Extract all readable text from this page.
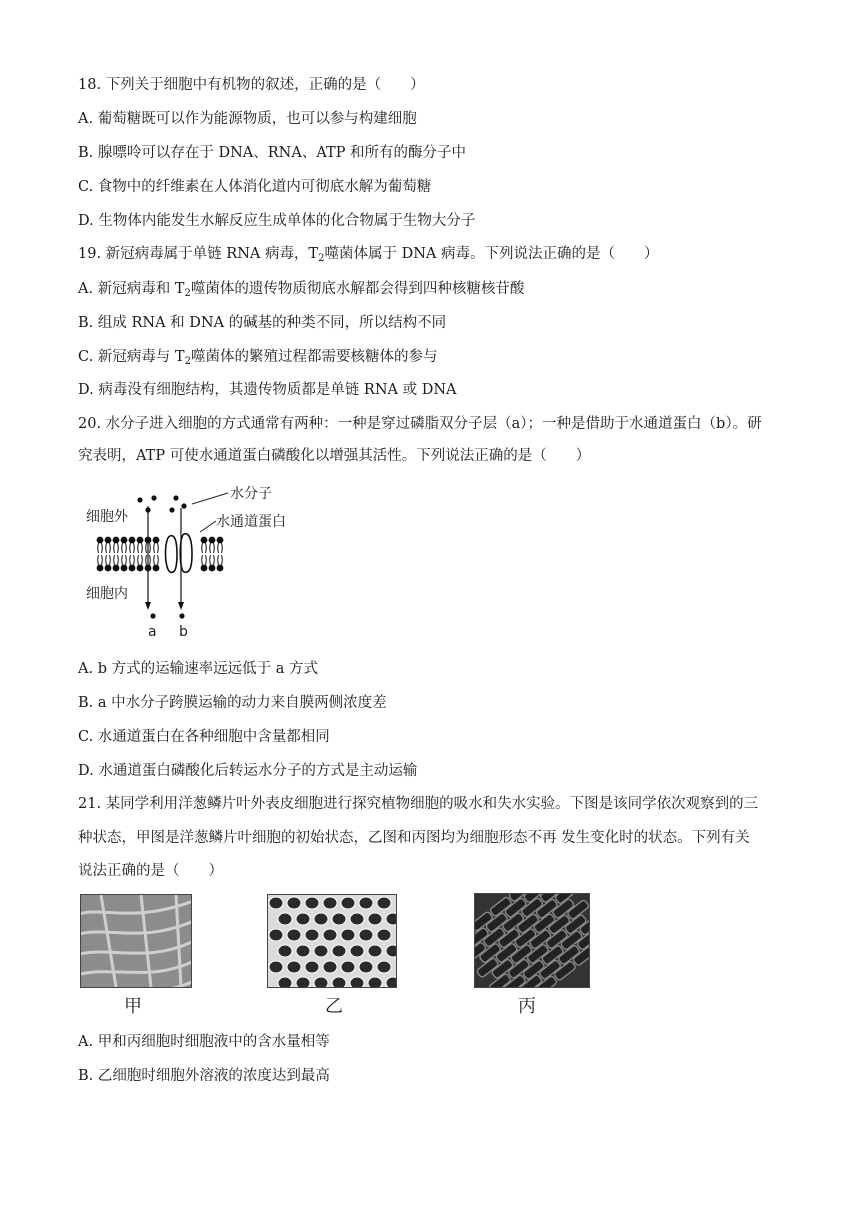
18. 下列关于细胞中有机物的叙述，正确的是（　　）
A. 葡萄糖既可以作为能源物质，也可以参与构建细胞
B. 腺嘌呤可以存在于 DNA、RNA、ATP 和所有的酶分子中
C. 食物中的纤维素在人体消化道内可彻底水解为葡萄糖
D. 生物体内能发生水解反应生成单体的化合物属于生物大分子
19. 新冠病毒属于单链 RNA 病毒，$T_2$噬菌体属于 DNA 病毒。下列说法正确的是（　　）
A. 新冠病毒和 $T_2$噬菌体的遗传物质彻底水解都会得到四种核糖核苷酸
B. 组成 RNA 和 DNA 的碱基的种类不同，所以结构不同
C. 新冠病毒与 $T_2$噬菌体的繁殖过程都需要核糖体的参与
D. 病毒没有细胞结构，其遗传物质都是单链 RNA 或 DNA
20. 水分子进入细胞的方式通常有两种：一种是穿过磷脂双分子层（a）；一种是借助于水通道蛋白（b）。研
究表明，ATP 可使水通道蛋白磷酸化以增强其活性。下列说法正确的是（　　）
细胞外
细胞内
水分子
水通道蛋白
a b
A. b 方式的运输速率远远低于 a 方式
B. a 中水分子跨膜运输的动力来自膜两侧浓度差
C. 水通道蛋白在各种细胞中含量都相同
D. 水通道蛋白磷酸化后转运水分子的方式是主动运输
21. 某同学利用洋葱鳞片叶外表皮细胞进行探究植物细胞的吸水和失水实验。下图是该同学依次观察到的三
种状态，甲图是洋葱鳞片叶细胞的初始状态，乙图和丙图均为细胞形态不再 发生变化时的状态。下列有关
说法正确的是（　　）
甲	乙	丙
A. 甲和丙细胞时细胞液中的含水量相等
B. 乙细胞时细胞外溶液的浓度达到最高
